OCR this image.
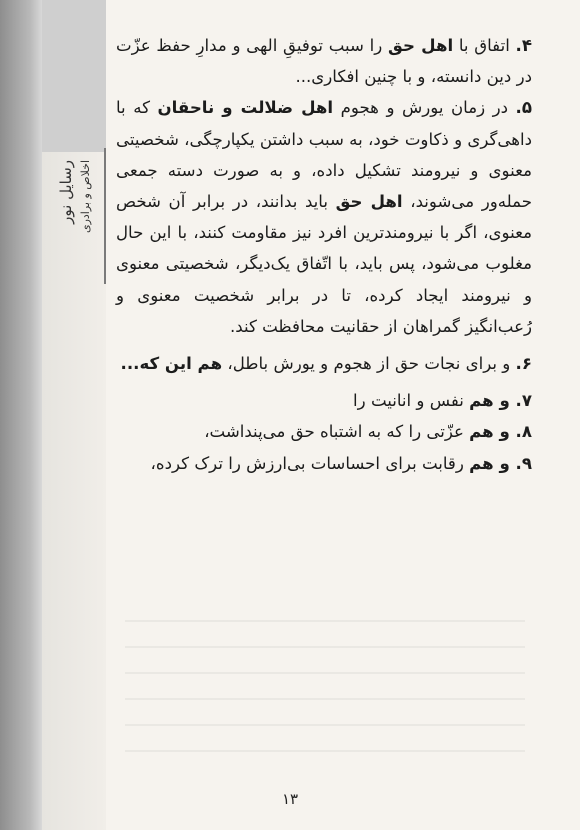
رسایل نور اخلاص و برادری

۴. اتفاق با اهل حق را سبب توفیقِ الهی و مدارِ حفظ عزّت در دین دانسته، و با چنین افکاری...

۵. در زمان یورش و هجوم اهل ضلالت و ناحقان که با داهی‌گری و ذکاوت خود، به سبب داشتن یکپارچگی، شخصیتی معنوی و نیرومند تشکیل داده، و به صورت دسته جمعی حمله‌ور می‌شوند، اهل حق باید بدانند، در برابر آن شخص معنوی، اگر با نیرومندترین افرد نیز مقاومت کنند، با این حال مغلوب می‌شود، پس باید، با اتّفاق یک‌دیگر، شخصیتی معنوی و نیرومند ایجاد کرده، تا در برابر شخصیت معنوی و رُعب‌انگیز گمراهان از حقانیت محافظت کند.

۶. و برای نجات حق از هجوم و یورش باطل، هم این که...

۷. و هم نفس و انانیت را

۸. و هم عزّتی را که به اشتباه حق می‌پنداشت،

۹. و هم رقابت برای احساسات بی‌ارزش را ترک کرده،

۱۳
